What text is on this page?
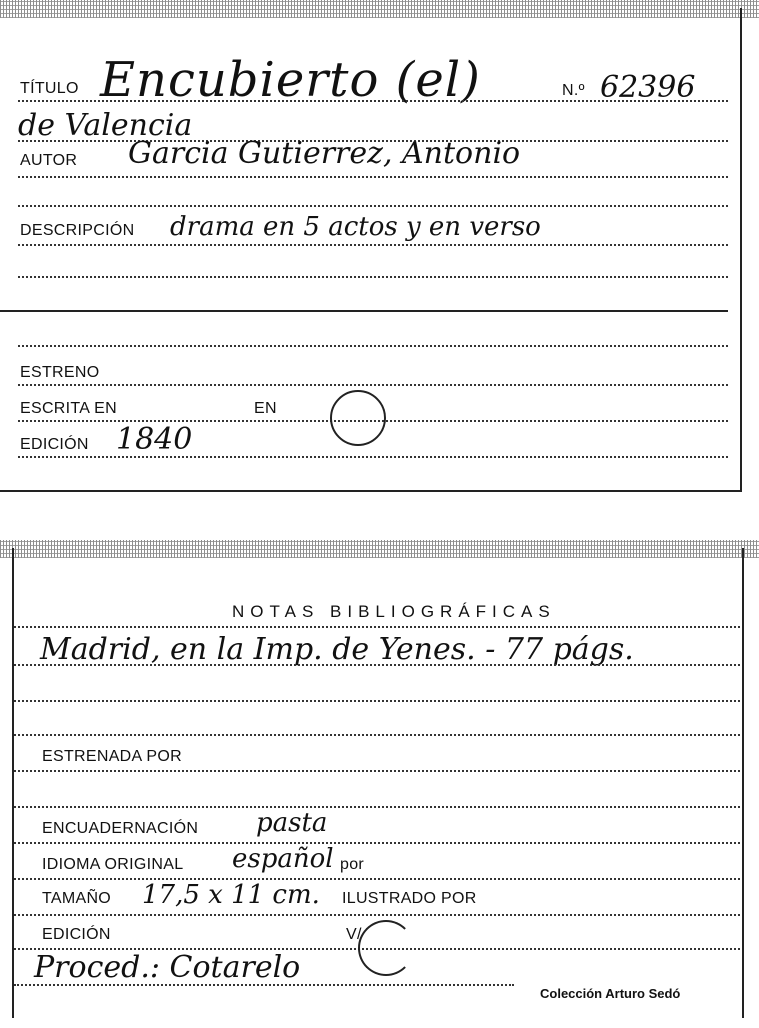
TÍTULO Encubierto (el)	N.º 62396
de Valencia
AUTOR Garcia Gutierrez, Antonio
DESCRIPCIÓN drama en 5 actos y en verso
ESTRENO
ESCRITA EN	EN
EDICIÓN 1840
NOTAS BIBLIOGRÁFICAS
Madrid, en la Imp. de Yenes. - 77 págs.
ESTRENADA POR
ENCUADERNACIÓN pasta
IDIOMA ORIGINAL español por
TAMAÑO 17,5 x 11 cm. ILUSTRADO POR
EDICIÓN	V/
Proced.: Cotarelo
Colección Arturo Sedó
